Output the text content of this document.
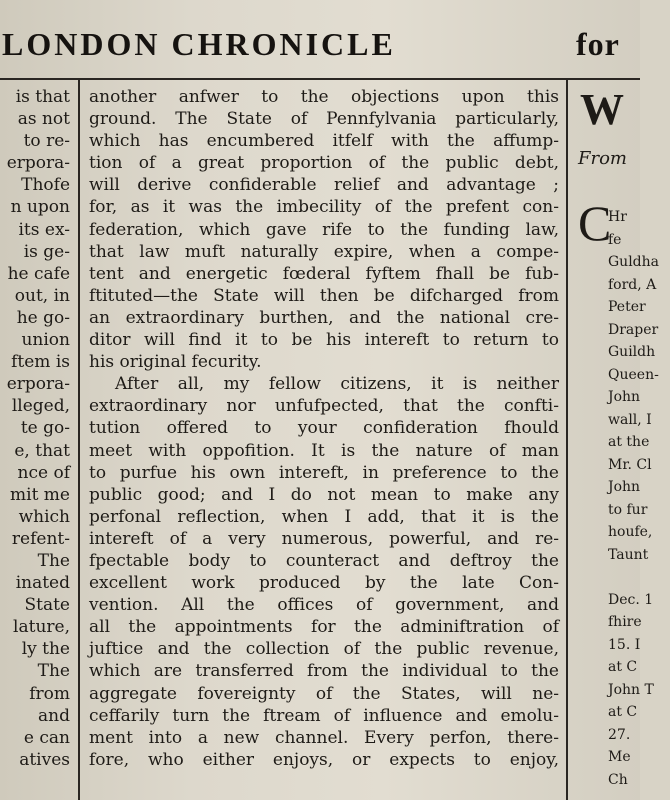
LONDON CHRONICLE	for
is that
as not
to re-
erpora-
Thofe
n upon
its ex-
is ge-
he cafe
out, in
he go-
union
ftem is
erpora-
lleged,
te go-
e, that
nce of
mit me
which
refent-
The
inated
State
lature,
ly the
The
from
and
e can
atives
another anfwer to the objections upon this
ground. The State of Pennfylvania particularly,
which has encumbered itfelf with the affump-
tion of a great proportion of the public debt,
will derive confiderable relief and advantage ;
for, as it was the imbecility of the prefent con-
federation, which gave rife to the funding law,
that law muft naturally expire, when a compe-
tent and energetic fœderal fyftem fhall be fub-
ftituted—the State will then be difcharged from
an extraordinary burthen, and the national cre-
ditor will find it to be his intereft to return to
his original fecurity.
After all, my fellow citizens, it is neither
extraordinary nor unfufpected, that the confti-
tution offered to your confideration fhould
meet with oppofition. It is the nature of man
to purfue his own intereft, in preference to the
public good; and I do not mean to make any
perfonal reflection, when I add, that it is the
intereft of a very numerous, powerful, and re-
fpectable body to counteract and deftroy the
excellent work produced by the late Con-
vention. All the offices of government, and
all the appointments for the adminiftration of
juftice and the collection of the public revenue,
which are transferred from the individual to the
aggregate fovereignty of the States, will ne-
ceffarily turn the ftream of influence and emolu-
ment into a new channel. Every perfon, there-
fore, who either enjoys, or expects to enjoy,
W
From
C
Hr
fe
Guldha
ford, A
Peter
Draper
Guildh
Queen-
John
wall, I
at the
Mr. Cl
John
to fur
houfe,
Taunt
Dec. 1
fhire
15. I
at C
John T
at C
27.
Me
Ch
